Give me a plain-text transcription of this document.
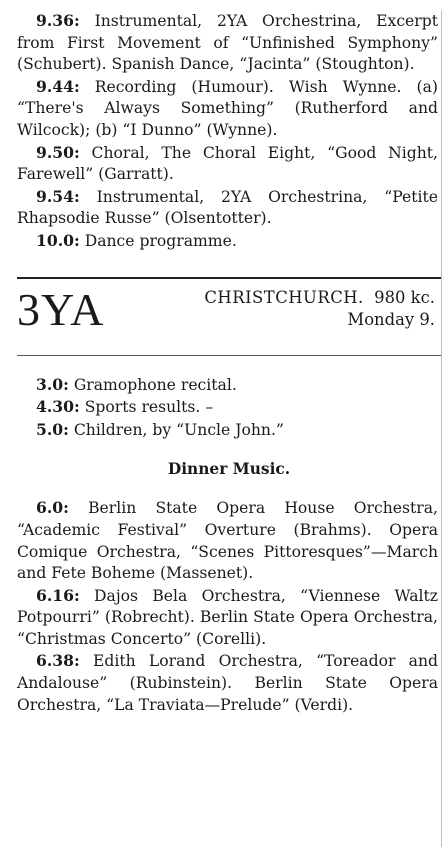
9.36: Instrumental, 2YA Orchestrina, Excerpt from First Movement of “Unfinished Symphony” (Schubert). Spanish Dance, “Jacinta” (Stoughton).

9.44: Recording (Humour). Wish Wynne. (a) “There's Always Something” (Rutherford and Wilcock); (b) “I Dunno” (Wynne).

9.50: Choral, The Choral Eight, “Good Night, Farewell” (Garratt).

9.54: Instrumental, 2YA Orchestrina, “Petite Rhapsodie Russe” (Olsentotter).

10.0: Dance programme.

3YA	CHRISTCHURCH. 980 kc.
Monday 9.

3.0: Gramophone recital.

4.30: Sports results. –

5.0: Children, by “Uncle John.”

Dinner Music.

6.0: Berlin State Opera House Orchestra, “Academic Festival” Overture (Brahms). Opera Comique Orchestra, “Scenes Pittoresques”—March and Fete Boheme (Massenet).

6.16: Dajos Bela Orchestra, “Viennese Waltz Potpourri” (Robrecht). Berlin State Opera Orchestra, “Christmas Concerto” (Corelli).

6.38: Edith Lorand Orchestra, “Toreador and Andalouse” (Rubinstein). Berlin State Opera Orchestra, “La Traviata—Prelude” (Verdi).
